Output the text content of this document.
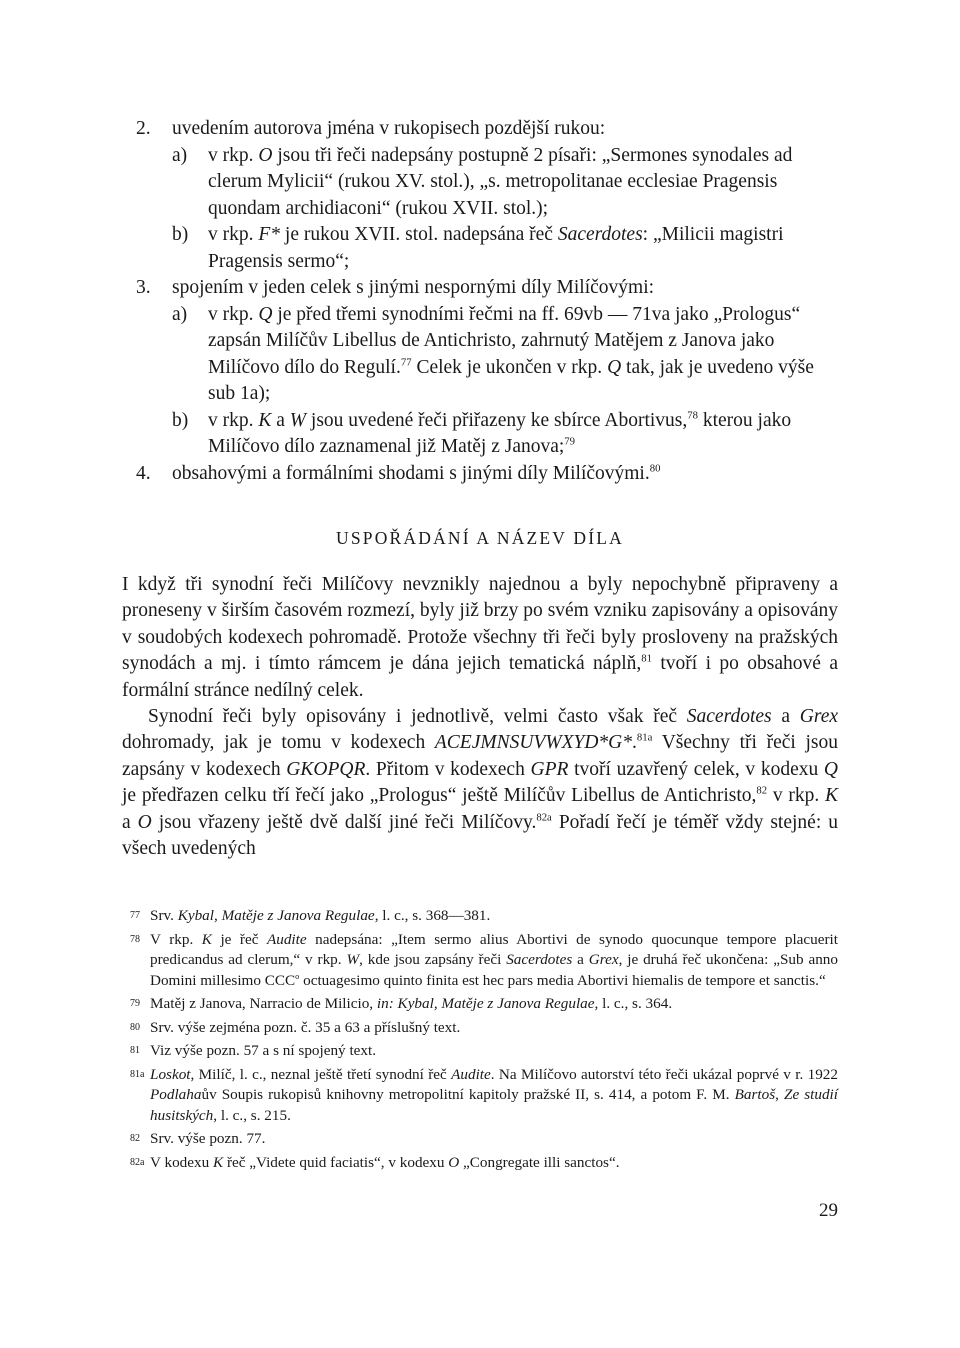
2. uvedením autorova jména v rukopisech pozdější rukou:
a) v rkp. O jsou tři řeči nadepsány postupně 2 písaři: „Sermones synodales ad clerum Mylicii“ (rukou XV. stol.), „s. metropolitanae ecclesiae Pragensis quondam archidiaconi“ (rukou XVII. stol.);
b) v rkp. F* je rukou XVII. stol. nadepsána řeč Sacerdotes: „Milicii magistri Pragensis sermo“;
3. spojením v jeden celek s jinými nespornými díly Milíčovými:
a) v rkp. Q je před třemi synodními řečmi na ff. 69vb — 71va jako „Prologus“ zapsán Milíčův Libellus de Antichristo, zahrnutý Matějem z Janova jako Milíčovo dílo do Regulí.$^{77}$ Celek je ukončen v rkp. Q tak, jak je uvedeno výše sub 1a);
b) v rkp. K a W jsou uvedené řeči přiřazeny ke sbírce Abortivus,$^{78}$ kterou jako Milíčovo dílo zaznamenal již Matěj z Janova;$^{79}$
4. obsahovými a formálními shodami s jinými díly Milíčovými.$^{80}$
USPOŘÁDÁNÍ A NÁZEV DÍLA

I když tři synodní řeči Milíčovy nevznikly najednou a byly nepochybně připraveny a proneseny v širším časovém rozmezí, byly již brzy po svém vzniku zapisovány a opisovány v soudobých kodexech pohromadě. Protože všechny tři řeči byly prosloveny na pražských synodách a mj. i tímto rámcem je dána jejich tematická náplň,$^{81}$ tvoří i po obsahové a formální stránce nedílný celek.

Synodní řeči byly opisovány i jednotlivě, velmi často však řeč Sacerdotes a Grex dohromady, jak je tomu v kodexech ACEJMNSUVWXYD*G*.$^{81a}$ Všechny tři řeči jsou zapsány v kodexech GKOPQR. Přitom v kodexech GPR tvoří uzavřený celek, v kodexu Q je předřazen celku tří řečí jako „Prologus“ ještě Milíčův Libellus de Antichristo,$^{82}$ v rkp. K a O jsou vřazeny ještě dvě další jiné řeči Milíčovy.$^{82a}$ Pořadí řečí je téměř vždy stejné: u všech uvedených

77 Srv. Kybal, Matěje z Janova Regulae, l. c., s. 368—381.
78 V rkp. K je řeč Audite nadepsána: „Item sermo alius Abortivi de synodo quocunque tempore placuerit predicandus ad clerum,“ v rkp. W, kde jsou zapsány řeči Sacerdotes a Grex, je druhá řeč ukončena: „Sub anno Domini millesimo CCC$^o$ octuagesimo quinto finita est hec pars media Abortivi hiemalis de tempore et sanctis.“
79 Matěj z Janova, Narracio de Milicio, in: Kybal, Matěje z Janova Regulae, l. c., s. 364.
80 Srv. výše zejména pozn. č. 35 a 63 a příslušný text.
81 Viz výše pozn. 57 a s ní spojený text.
81a Loskot, Milíč, l. c., neznal ještě třetí synodní řeč Audite. Na Milíčovo autorství této řeči ukázal poprvé v r. 1922 Podlahaův Soupis rukopisů knihovny metropolitní kapitoly pražské II, s. 414, a potom F. M. Bartoš, Ze studií husitských, l. c., s. 215.
82 Srv. výše pozn. 77.
82a V kodexu K řeč „Videte quid faciatis“, v kodexu O „Congregate illi sanctos“.
29
